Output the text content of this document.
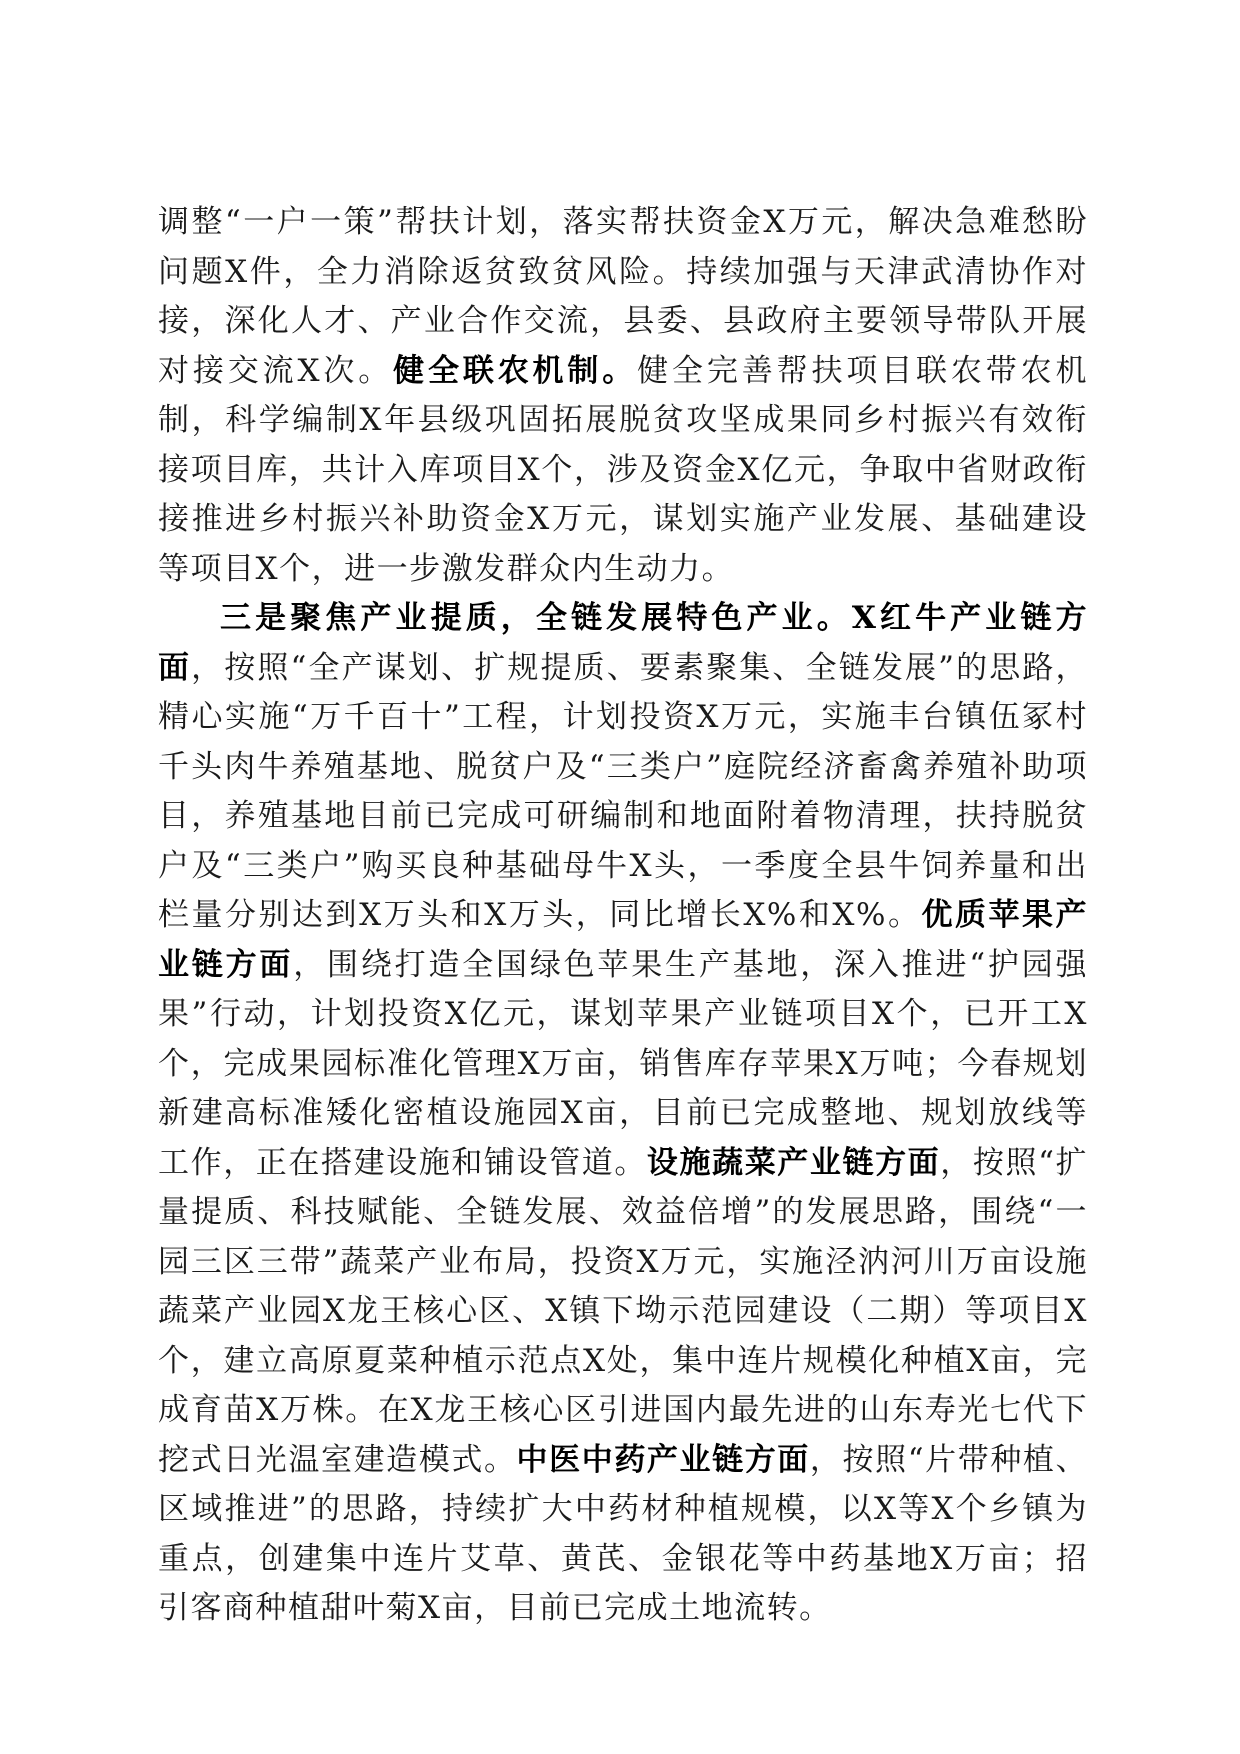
调整“一户一策”帮扶计划，落实帮扶资金X万元，解决急难愁盼问题X件，全力消除返贫致贫风险。持续加强与天津武清协作对接，深化人才、产业合作交流，县委、县政府主要领导带队开展对接交流X次。健全联农机制。健全完善帮扶项目联农带农机制，科学编制X年县级巩固拓展脱贫攻坚成果同乡村振兴有效衔接项目库，共计入库项目X个，涉及资金X亿元，争取中省财政衔接推进乡村振兴补助资金X万元，谋划实施产业发展、基础建设等项目X个，进一步激发群众内生动力。

三是聚焦产业提质，全链发展特色产业。X红牛产业链方面，按照“全产谋划、扩规提质、要素聚集、全链发展”的思路，精心实施“万千百十”工程，计划投资X万元，实施丰台镇伍冢村千头肉牛养殖基地、脱贫户及“三类户”庭院经济畜禽养殖补助项目，养殖基地目前已完成可研编制和地面附着物清理，扶持脱贫户及“三类户”购买良种基础母牛X头，一季度全县牛饲养量和出栏量分别达到X万头和X万头，同比增长X%和X%。优质苹果产业链方面，围绕打造全国绿色苹果生产基地，深入推进“护园强果”行动，计划投资X亿元，谋划苹果产业链项目X个，已开工X个，完成果园标准化管理X万亩，销售库存苹果X万吨；今春规划新建高标准矮化密植设施园X亩，目前已完成整地、规划放线等工作，正在搭建设施和铺设管道。设施蔬菜产业链方面，按照“扩量提质、科技赋能、全链发展、效益倍增”的发展思路，围绕“一园三区三带”蔬菜产业布局，投资X万元，实施泾汭河川万亩设施蔬菜产业园X龙王核心区、X镇下坳示范园建设（二期）等项目X个，建立高原夏菜种植示范点X处，集中连片规模化种植X亩，完成育苗X万株。在X龙王核心区引进国内最先进的山东寿光七代下挖式日光温室建造模式。中医中药产业链方面，按照“片带种植、区域推进”的思路，持续扩大中药材种植规模，以X等X个乡镇为重点，创建集中连片艾草、黄芪、金银花等中药基地X万亩；招引客商种植甜叶菊X亩，目前已完成土地流转。
